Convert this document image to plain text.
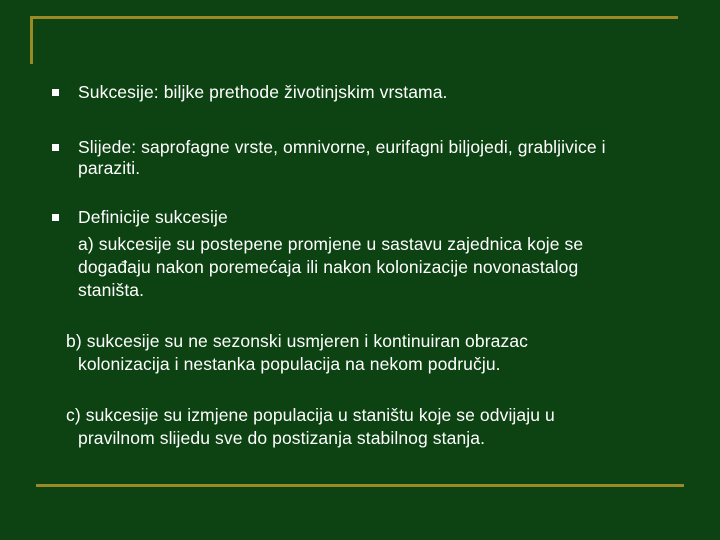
Sukcesije: biljke prethode životinjskim vrstama.
Slijede: saprofagne vrste, omnivorne, eurifagni biljojedi, grabljivice i
paraziti.
Definicije sukcesije
a) sukcesije su postepene promjene u sastavu zajednica koje se
događaju nakon poremećaja ili nakon kolonizacije novonastalog
staništa.
b) sukcesije su ne sezonski usmjeren i kontinuiran obrazac
kolonizacija i nestanka populacija na nekom području.
c) sukcesije su izmjene populacija u staništu koje se odvijaju u
pravilnom slijedu sve do postizanja stabilnog stanja.
